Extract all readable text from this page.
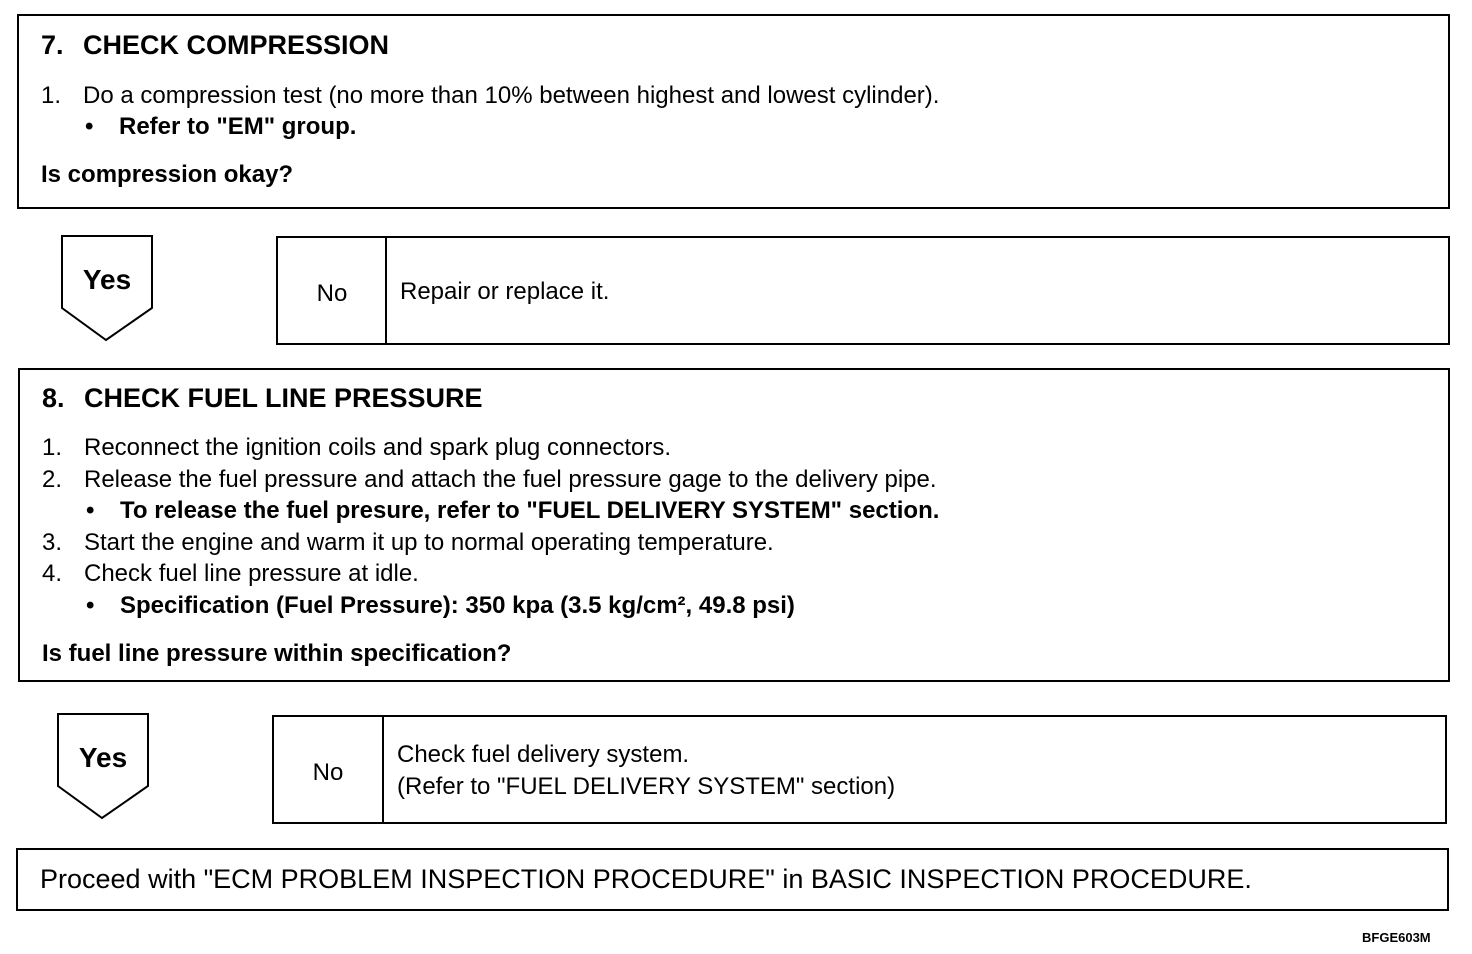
7. CHECK COMPRESSION
1. Do a compression test (no more than 10% between highest and lowest cylinder).
• Refer to "EM" group.
Is compression okay?
Yes	No	Repair or replace it.
8. CHECK FUEL LINE PRESSURE
1. Reconnect the ignition coils and spark plug connectors.
2. Release the fuel pressure and attach the fuel pressure gage to the delivery pipe.
• To release the fuel presure, refer to "FUEL DELIVERY SYSTEM" section.
3. Start the engine and warm it up to normal operating temperature.
4. Check fuel line pressure at idle.
• Specification (Fuel Pressure): 350 kpa (3.5 kg/cm², 49.8 psi)
Is fuel line pressure within specification?
Yes	No
Check fuel delivery system.
(Refer to "FUEL DELIVERY SYSTEM" section)
Proceed with "ECM PROBLEM INSPECTION PROCEDURE" in BASIC INSPECTION PROCEDURE.
BFGE603M
